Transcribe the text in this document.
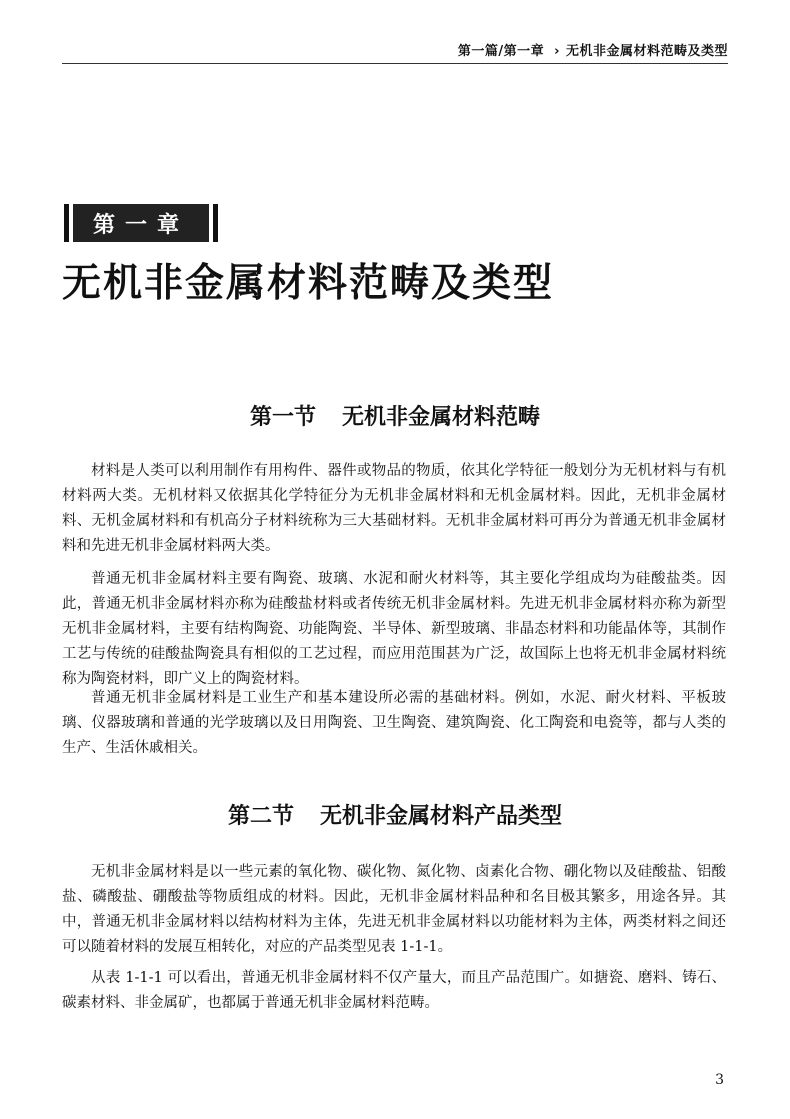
第一篇/第一章 › 无机非金属材料范畴及类型
第一章
无机非金属材料范畴及类型
第一节 无机非金属材料范畴

材料是人类可以利用制作有用构件、器件或物品的物质，依其化学特征一般划分为无机材料与有机材料两大类。无机材料又依据其化学特征分为无机非金属材料和无机金属材料。因此，无机非金属材料、无机金属材料和有机高分子材料统称为三大基础材料。无机非金属材料可再分为普通无机非金属材料和先进无机非金属材料两大类。

普通无机非金属材料主要有陶瓷、玻璃、水泥和耐火材料等，其主要化学组成均为硅酸盐类。因此，普通无机非金属材料亦称为硅酸盐材料或者传统无机非金属材料。先进无机非金属材料亦称为新型无机非金属材料，主要有结构陶瓷、功能陶瓷、半导体、新型玻璃、非晶态材料和功能晶体等，其制作工艺与传统的硅酸盐陶瓷具有相似的工艺过程，而应用范围甚为广泛，故国际上也将无机非金属材料统称为陶瓷材料，即广义上的陶瓷材料。

普通无机非金属材料是工业生产和基本建设所必需的基础材料。例如，水泥、耐火材料、平板玻璃、仪器玻璃和普通的光学玻璃以及日用陶瓷、卫生陶瓷、建筑陶瓷、化工陶瓷和电瓷等，都与人类的生产、生活休戚相关。

第二节 无机非金属材料产品类型

无机非金属材料是以一些元素的氧化物、碳化物、氮化物、卤素化合物、硼化物以及硅酸盐、铝酸盐、磷酸盐、硼酸盐等物质组成的材料。因此，无机非金属材料品种和名目极其繁多，用途各异。其中，普通无机非金属材料以结构材料为主体，先进无机非金属材料以功能材料为主体，两类材料之间还可以随着材料的发展互相转化，对应的产品类型见表 1-1-1。

从表 1-1-1 可以看出，普通无机非金属材料不仅产量大，而且产品范围广。如搪瓷、磨料、铸石、碳素材料、非金属矿，也都属于普通无机非金属材料范畴。

3
